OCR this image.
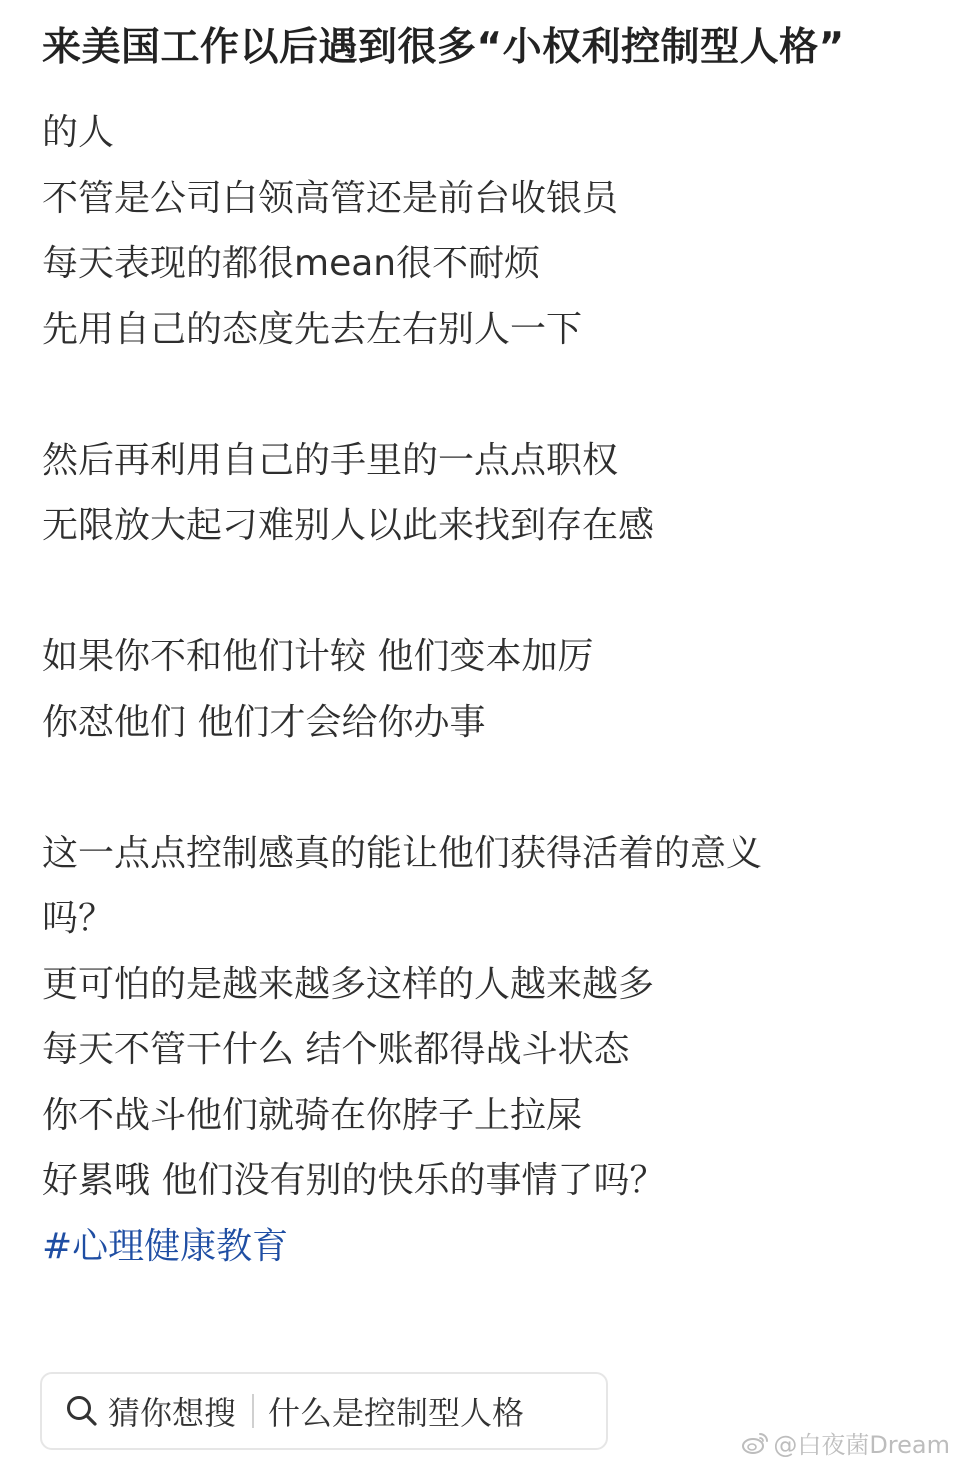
来美国工作以后遇到很多“小权利控制型人格”
的人
不管是公司白领高管还是前台收银员
每天表现的都很mean很不耐烦
先用自己的态度先去左右别人一下
然后再利用自己的手里的一点点职权
无限放大起刁难别人以此来找到存在感
如果你不和他们计较 他们变本加厉
你怼他们 他们才会给你办事
这一点点控制感真的能让他们获得活着的意义
吗？
更可怕的是越来越多这样的人越来越多
每天不管干什么 结个账都得战斗状态
你不战斗他们就骑在你脖子上拉屎
好累哦 他们没有别的快乐的事情了吗？
#心理健康教育
猜你想搜 什么是控制型人格
@白夜菌Dream
